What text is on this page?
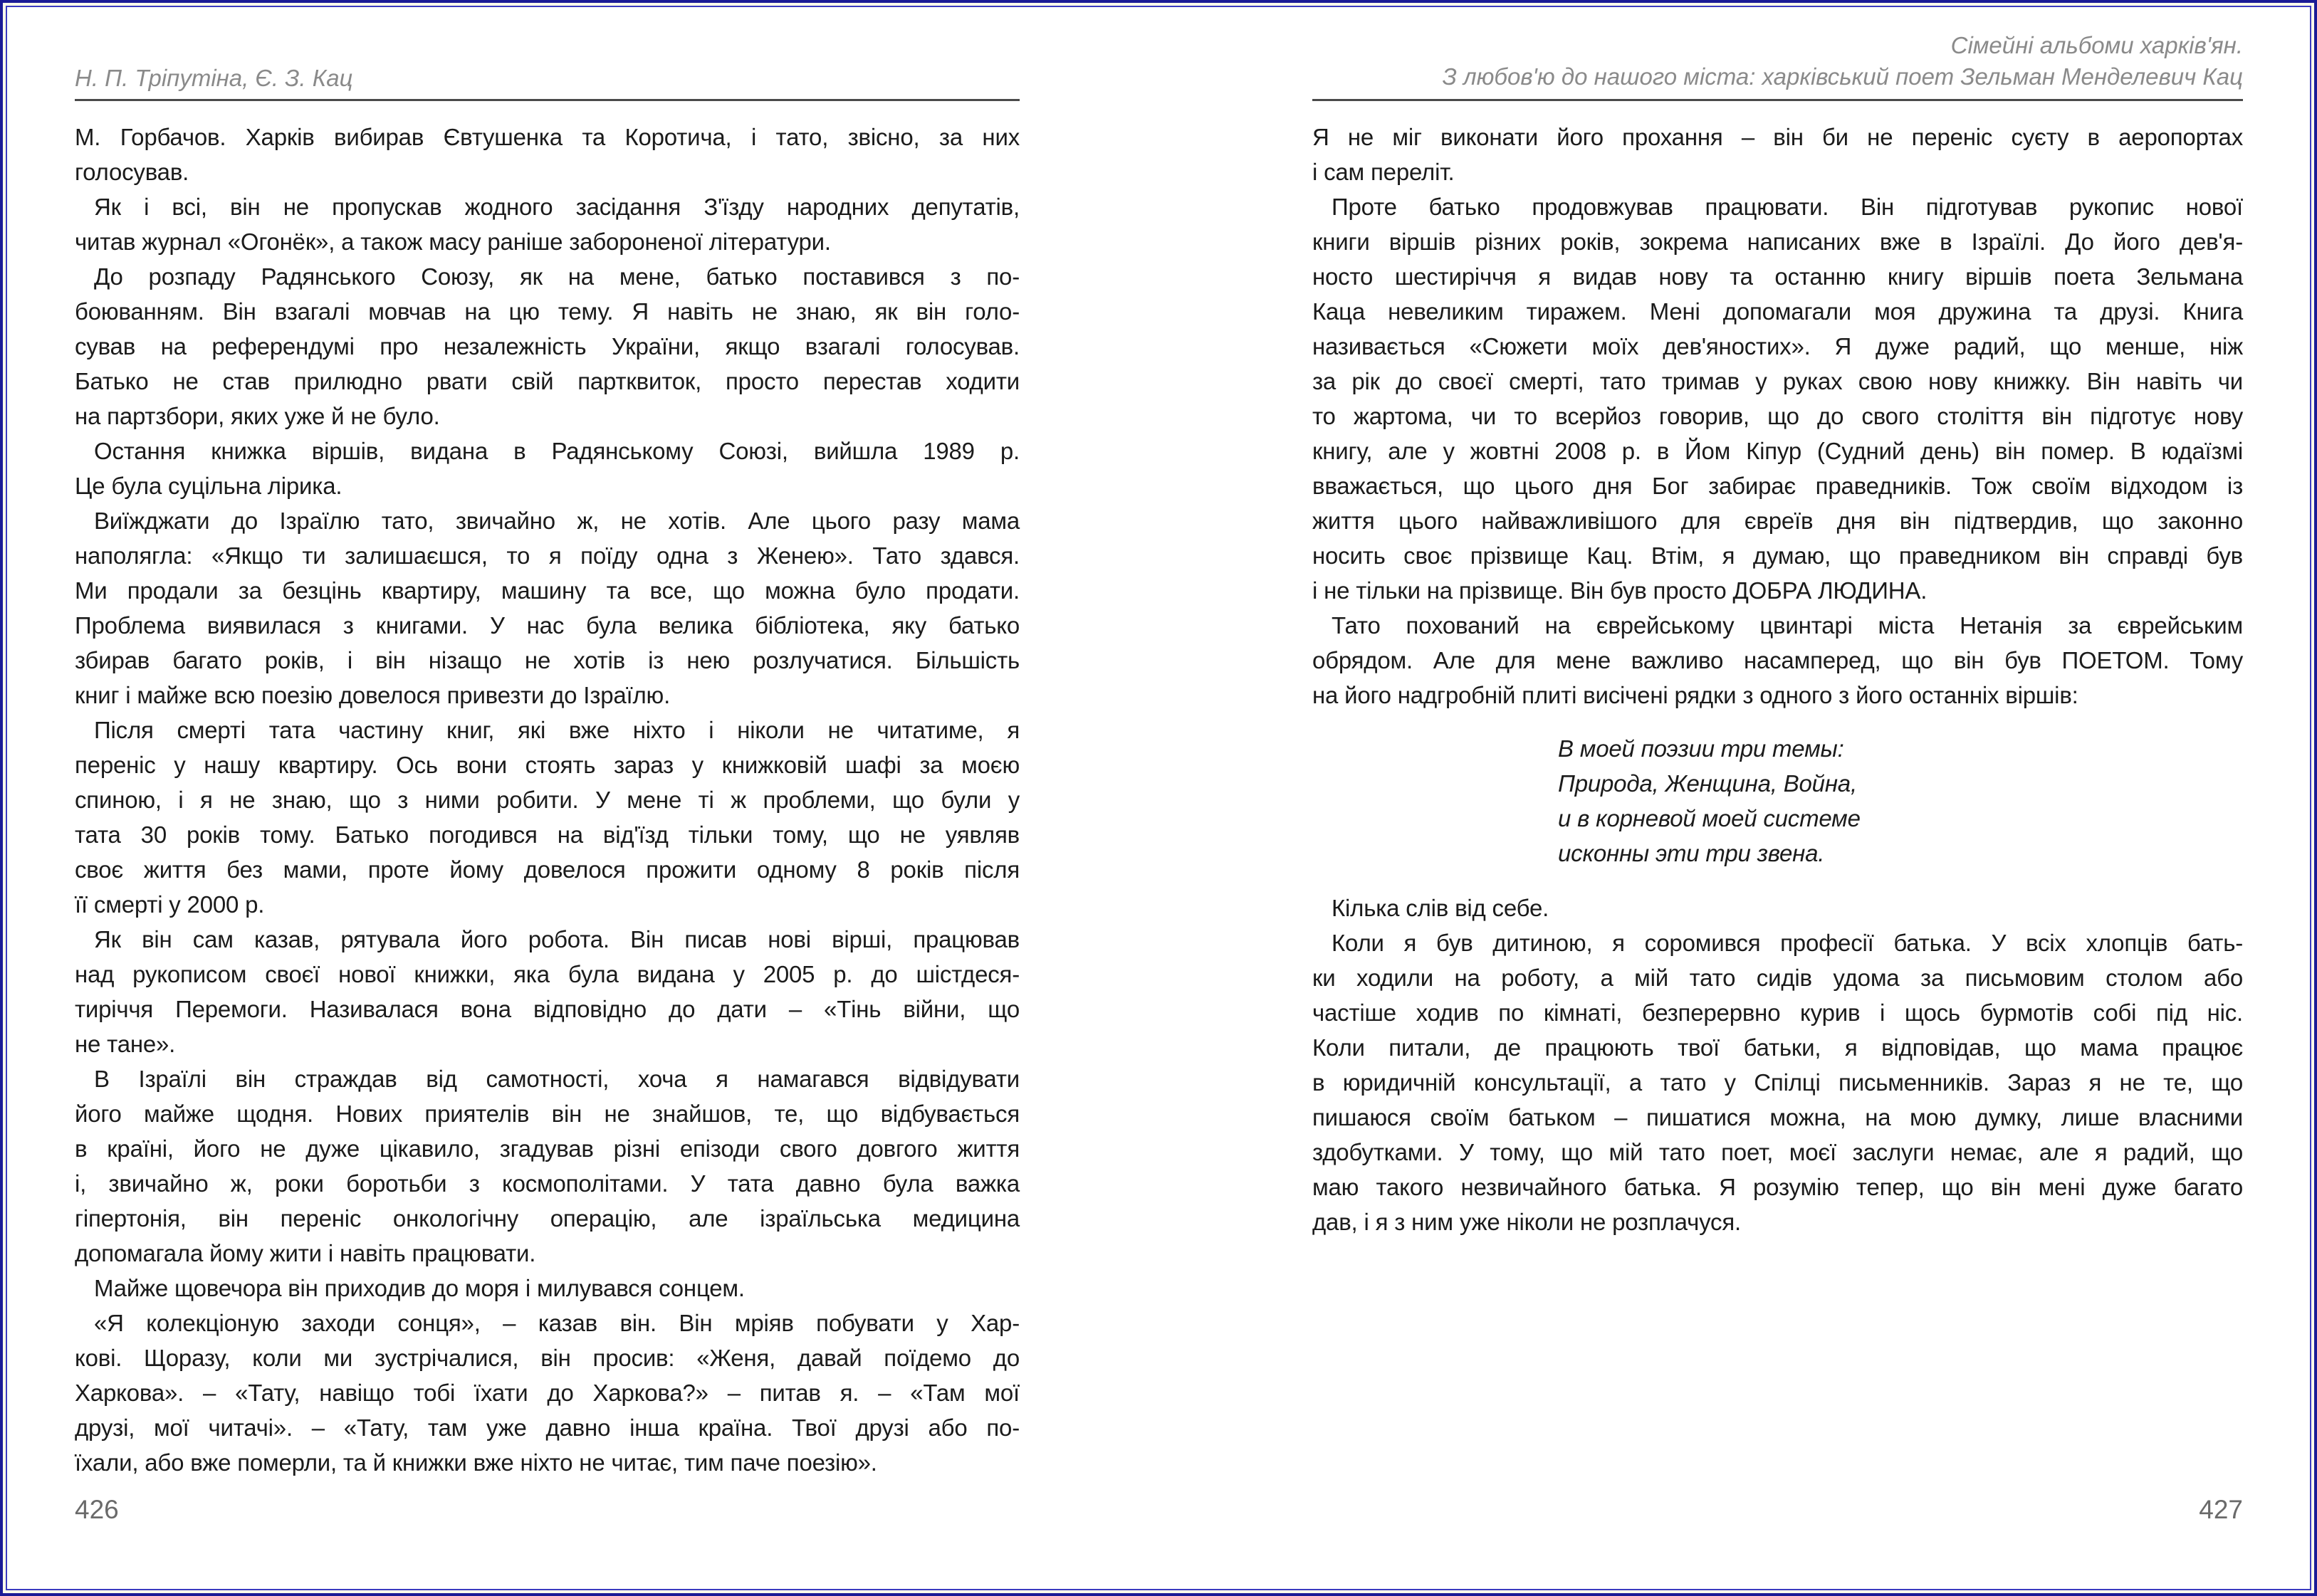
Н. П. Тріпутіна, Є. З. Кац
Сімейні альбоми харків'ян.
З любов'ю до нашого міста: харківський поет Зельман Менделевич Кац
М. Горбачов. Харків вибирав Євтушенка та Коротича, і тато, звісно, за них
голосував.
Як і всі, він не пропускав жодного засідання З'їзду народних депутатів,
читав журнал «Огонёк», а також масу раніше забороненої літератури.
До розпаду Радянського Союзу, як на мене, батько поставився з по-
боюванням. Він взагалі мовчав на цю тему. Я навіть не знаю, як він голо-
сував на референдумі про незалежність України, якщо взагалі голосував.
Батько не став прилюдно рвати свій партквиток, просто перестав ходити
на партзбори, яких уже й не було.
Остання книжка віршів, видана в Радянському Союзі, вийшла 1989 р.
Це була суцільна лірика.
Виїжджати до Ізраїлю тато, звичайно ж, не хотів. Але цього разу мама
наполягла: «Якщо ти залишаєшся, то я поїду одна з Женею». Тато здався.
Ми продали за безцінь квартиру, машину та все, що можна було продати.
Проблема виявилася з книгами. У нас була велика бібліотека, яку батько
збирав багато років, і він нізащо не хотів із нею розлучатися. Більшість
книг і майже всю поезію довелося привезти до Ізраїлю.
Після смерті тата частину книг, які вже ніхто і ніколи не читатиме, я
переніс у нашу квартиру. Ось вони стоять зараз у книжковій шафі за моєю
спиною, і я не знаю, що з ними робити. У мене ті ж проблеми, що були у
тата 30 років тому. Батько погодився на від'їзд тільки тому, що не уявляв
своє життя без мами, проте йому довелося прожити одному 8 років після
її смерті у 2000 р.
Як він сам казав, рятувала його робота. Він писав нові вірші, працював
над рукописом своєї нової книжки, яка була видана у 2005 р. до шістдеся-
тиріччя Перемоги. Називалася вона відповідно до дати – «Тінь війни, що
не тане».
В Ізраїлі він страждав від самотності, хоча я намагався відвідувати
його майже щодня. Нових приятелів він не знайшов, те, що відбувається
в країні, його не дуже цікавило, згадував різні епізоди свого довгого життя
і, звичайно ж, роки боротьби з космополітами. У тата давно була важка
гіпертонія, він переніс онкологічну операцію, але ізраїльська медицина
допомагала йому жити і навіть працювати.
Майже щовечора він приходив до моря і милувався сонцем.
«Я колекціоную заходи сонця», – казав він. Він мріяв побувати у Хар-
кові. Щоразу, коли ми зустрічалися, він просив: «Женя, давай поїдемо до
Харкова». – «Тату, навіщо тобі їхати до Харкова?» – питав я. – «Там мої
друзі, мої читачі». – «Тату, там уже давно інша країна. Твої друзі або по-
їхали, або вже померли, та й книжки вже ніхто не читає, тим паче поезію».
Я не міг виконати його прохання – він би не переніс суєту в аеропортах
і сам переліт.
Проте батько продовжував працювати. Він підготував рукопис нової
книги віршів різних років, зокрема написаних вже в Ізраїлі. До його дев'я-
носто шестиріччя я видав нову та останню книгу віршів поета Зельмана
Каца невеликим тиражем. Мені допомагали моя дружина та друзі. Книга
називається «Сюжети моїх дев'яностих». Я дуже радий, що менше, ніж
за рік до своєї смерті, тато тримав у руках свою нову книжку. Він навіть чи
то жартома, чи то всерйоз говорив, що до свого століття він підготує нову
книгу, але у жовтні 2008 р. в Йом Кіпур (Судний день) він помер. В юдаїзмі
вважається, що цього дня Бог забирає праведників. Тож своїм відходом із
життя цього найважливішого для євреїв дня він підтвердив, що законно
носить своє прізвище Кац. Втім, я думаю, що праведником він справді був
і не тільки на прізвище. Він був просто ДОБРА ЛЮДИНА.
Тато похований на єврейському цвинтарі міста Нетанія за єврейським
обрядом. Але для мене важливо насамперед, що він був ПОЕТОМ. Тому
на його надгробній плиті висічені рядки з одного з його останніх віршів:
В моей поэзии три темы:
Природа, Женщина, Война,
и в корневой моей системе
исконны эти три звена.
Кілька слів від себе.
Коли я був дитиною, я соромився професії батька. У всіх хлопців бать-
ки ходили на роботу, а мій тато сидів удома за письмовим столом або
частіше ходив по кімнаті, безперервно курив і щось бурмотів собі під ніс.
Коли питали, де працюють твої батьки, я відповідав, що мама працює
в юридичній консультації, а тато у Спілці письменників. Зараз я не те, що
пишаюся своїм батьком – пишатися можна, на мою думку, лише власними
здобутками. У тому, що мій тато поет, моєї заслуги немає, але я радий, що
маю такого незвичайного батька. Я розумію тепер, що він мені дуже багато
дав, і я з ним уже ніколи не розплачуся.
426	427
